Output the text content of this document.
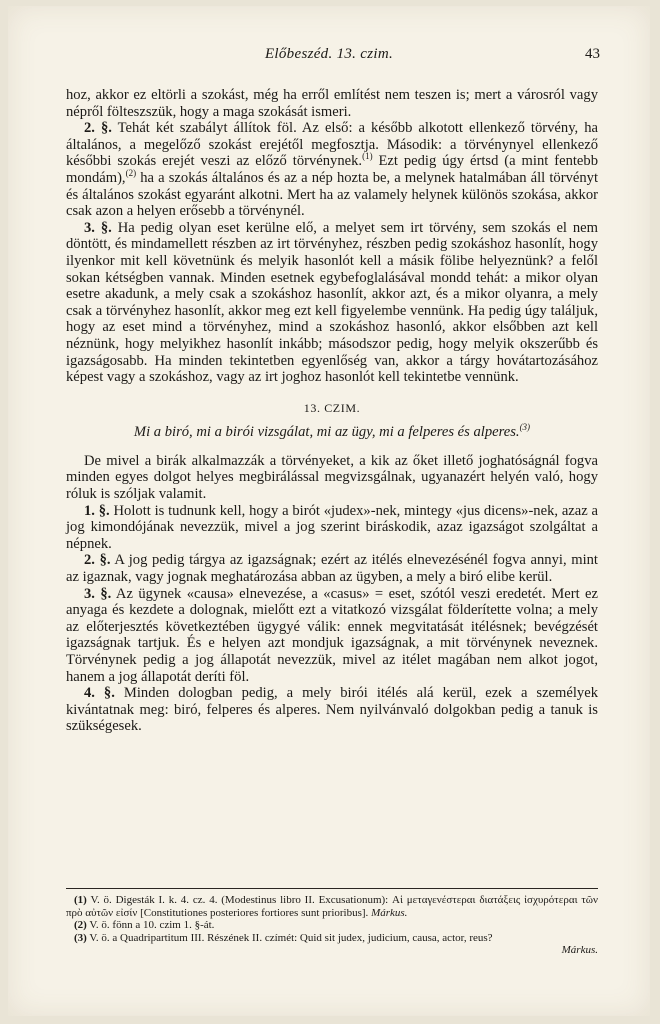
Előbeszéd. 13. czim.	43

hoz, akkor ez eltörli a szokást, még ha erről említést nem teszen is; mert a városról vagy népről fölteszszük, hogy a maga szokását ismeri.

2. §. Tehát két szabályt állítok föl. Az első: a később alkotott ellenkező törvény, ha általános, a megelőző szokást erejétől megfosztja. Második: a törvénynyel ellenkező későbbi szokás erejét veszi az előző törvénynek.$^{(1)}$ Ezt pedig úgy értsd (a mint fentebb mondám),$^{(2)}$ ha a szokás általános és az a nép hozta be, a melynek hatalmában áll törvényt és általános szokást egyaránt alkotni. Mert ha az valamely helynek különös szokása, akkor csak azon a helyen erősebb a törvénynél.

3. §. Ha pedig olyan eset kerülne elő, a melyet sem irt törvény, sem szokás el nem döntött, és mindamellett részben az irt törvényhez, részben pedig szokáshoz hasonlít, hogy ilyenkor mit kell követnünk és melyik hasonlót kell a másik fölibe helyeznünk? a felől sokan kétségben vannak. Minden esetnek egybefoglalásával mondd tehát: a mikor olyan esetre akadunk, a mely csak a szokáshoz hasonlít, akkor azt, és a mikor olyanra, a mely csak a törvényhez hasonlít, akkor meg ezt kell figyelembe vennünk. Ha pedig úgy találjuk, hogy az eset mind a törvényhez, mind a szokáshoz hasonló, akkor elsőbben azt kell néznünk, hogy melyikhez hasonlít inkább; másodszor pedig, hogy melyik okszerűbb és igazságosabb. Ha minden tekintetben egyenlőség van, akkor a tárgy hovátartozásához képest vagy a szokáshoz, vagy az irt joghoz hasonlót kell tekintetbe vennünk.

13. CZIM.
Mi a biró, mi a birói vizsgálat, mi az ügy, mi a felperes és alperes.$^{(3)}$

De mivel a birák alkalmazzák a törvényeket, a kik az őket illető joghatóságnál fogva minden egyes dolgot helyes megbirálással megvizsgálnak, ugyanazért helyén való, hogy róluk is szóljak valamit.

1. §. Holott is tudnunk kell, hogy a birót «judex»-nek, mintegy «jus dicens»-nek, azaz a jog kimondójának nevezzük, mivel a jog szerint biráskodik, azaz igazságot szolgáltat a népnek.

2. §. A jog pedig tárgya az igazságnak; ezért az itélés elnevezésénél fogva annyi, mint az igaznak, vagy jognak meghatározása abban az ügyben, a mely a biró elibe kerül.

3. §. Az ügynek «causa» elnevezése, a «casus» = eset, szótól veszi eredetét. Mert ez anyaga és kezdete a dolognak, mielőtt ezt a vitatkozó vizsgálat földerítette volna; a mely az előterjesztés következtében ügygyé válik: ennek megvitatását itélésnek; bevégzését igazságnak tartjuk. És e helyen azt mondjuk igazságnak, a mit törvénynek neveznek. Törvénynek pedig a jog állapotát nevezzük, mivel az itélet magában nem alkot jogot, hanem a jog állapotát deríti föl.

4. §. Minden dologban pedig, a mely birói itélés alá kerül, ezek a személyek kivántatnak meg: biró, felperes és alperes. Nem nyilvánvaló dolgokban pedig a tanuk is szükségesek.

(1) V. ö. Digesták I. k. 4. cz. 4. (Modestinus libro II. Excusationum): Αἱ μεταγενέστεραι διατάξεις ἰσχυρότεραι τῶν πρὸ αὐτῶν εἰσίν [Constitutiones posteriores fortiores sunt prioribus]. Márkus.

(2) V. ö. fönn a 10. czim 1. §-át.

(3) V. ö. a Quadripartitum III. Részének II. czímét: Quid sit judex, judicium, causa, actor, reus?
Márkus.
